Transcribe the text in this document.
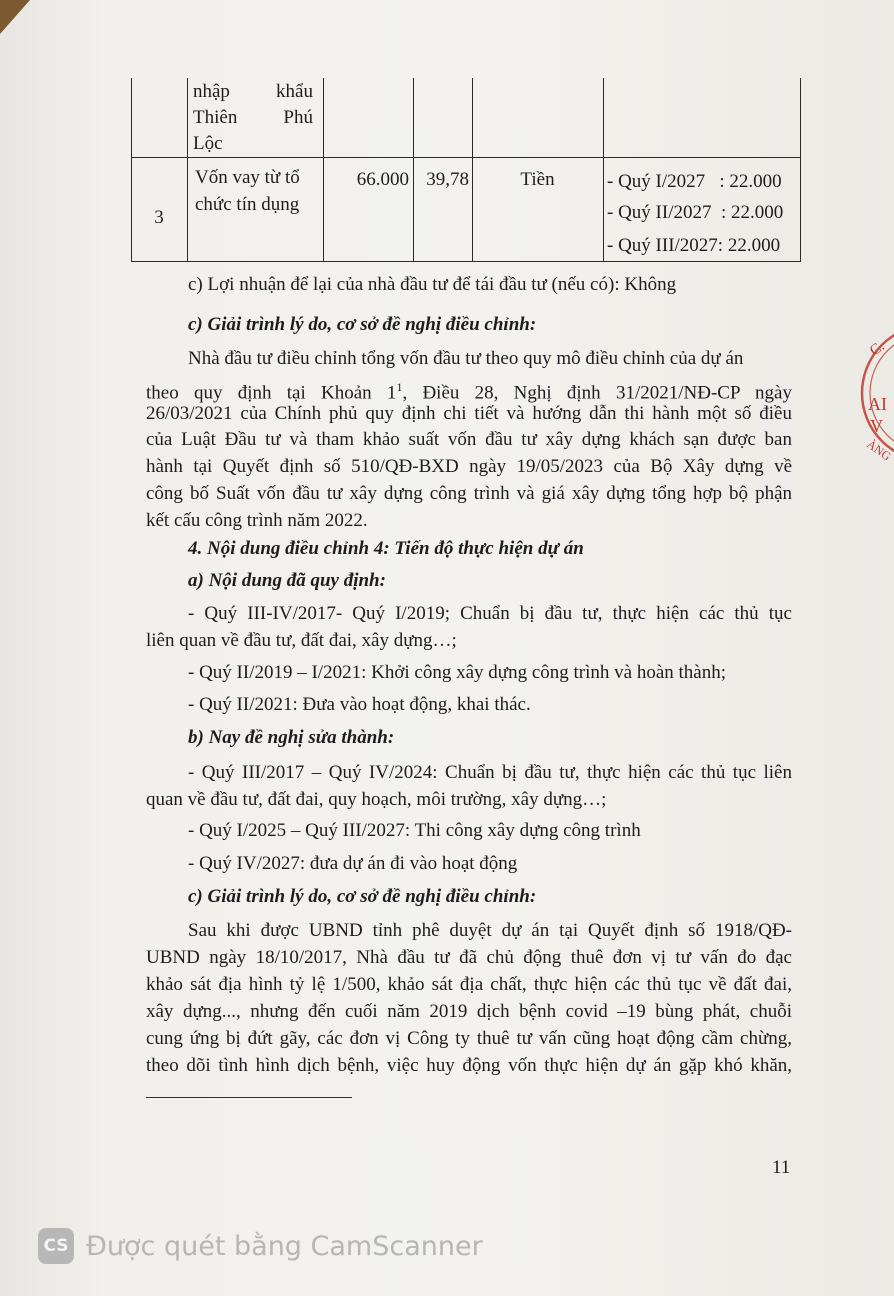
nhập khẩu
Thiên Phú
Lộc
3
Vốn vay từ tổ
chức tín dụng
66.000 39,78	Tiền	- Quý I/2027   : 22.000
- Quý II/2027  : 22.000
- Quý III/2027: 22.000
c) Lợi nhuận để lại của nhà đầu tư để tái đầu tư (nếu có): Không
c) Giải trình lý do, cơ sở đề nghị điều chỉnh:
Nhà đầu tư điều chỉnh tổng vốn đầu tư theo quy mô điều chỉnh của dự án
theo quy định tại Khoản $1^1$, Điều 28, Nghị định 31/2021/NĐ-CP ngày
26/03/2021 của Chính phủ quy định chi tiết và hướng dẫn thi hành một số điều
của Luật Đầu tư và tham khảo suất vốn đầu tư xây dựng khách sạn được ban
hành tại Quyết định số 510/QĐ-BXD ngày 19/05/2023 của Bộ Xây dựng về
công bố Suất vốn đầu tư xây dựng công trình và giá xây dựng tổng hợp bộ phận
kết cấu công trình năm 2022.
4. Nội dung điều chỉnh 4: Tiến độ thực hiện dự án
a) Nội dung đã quy định:
- Quý III-IV/2017- Quý I/2019; Chuẩn bị đầu tư, thực hiện các thủ tục
liên quan về đầu tư, đất đai, xây dựng…;
- Quý II/2019 – I/2021: Khởi công xây dựng công trình và hoàn thành;
- Quý II/2021: Đưa vào hoạt động, khai thác.
b) Nay đề nghị sửa thành:
- Quý III/2017 – Quý IV/2024: Chuẩn bị đầu tư, thực hiện các thủ tục liên
quan về đầu tư, đất đai, quy hoạch, môi trường, xây dựng…;
- Quý I/2025 – Quý III/2027: Thi công xây dựng công trình
- Quý IV/2027: đưa dự án đi vào hoạt động
c) Giải trình lý do, cơ sở đề nghị điều chỉnh:
Sau khi được UBND tỉnh phê duyệt dự án tại Quyết định số 1918/QĐ-
UBND ngày 18/10/2017, Nhà đầu tư đã chủ động thuê đơn vị tư vấn đo đạc
khảo sát địa hình tỷ lệ 1/500, khảo sát địa chất, thực hiện các thủ tục về đất đai,
xây dựng..., nhưng đến cuối năm 2019 dịch bệnh covid –19 bùng phát, chuỗi
cung ứng bị đứt gãy, các đơn vị Công ty thuê tư vấn cũng hoạt động cầm chừng,
theo dõi tình hình dịch bệnh, việc huy động vốn thực hiện dự án gặp khó khăn,
11
C.
AI
V
ÀNG
CS Được quét bằng CamScanner
